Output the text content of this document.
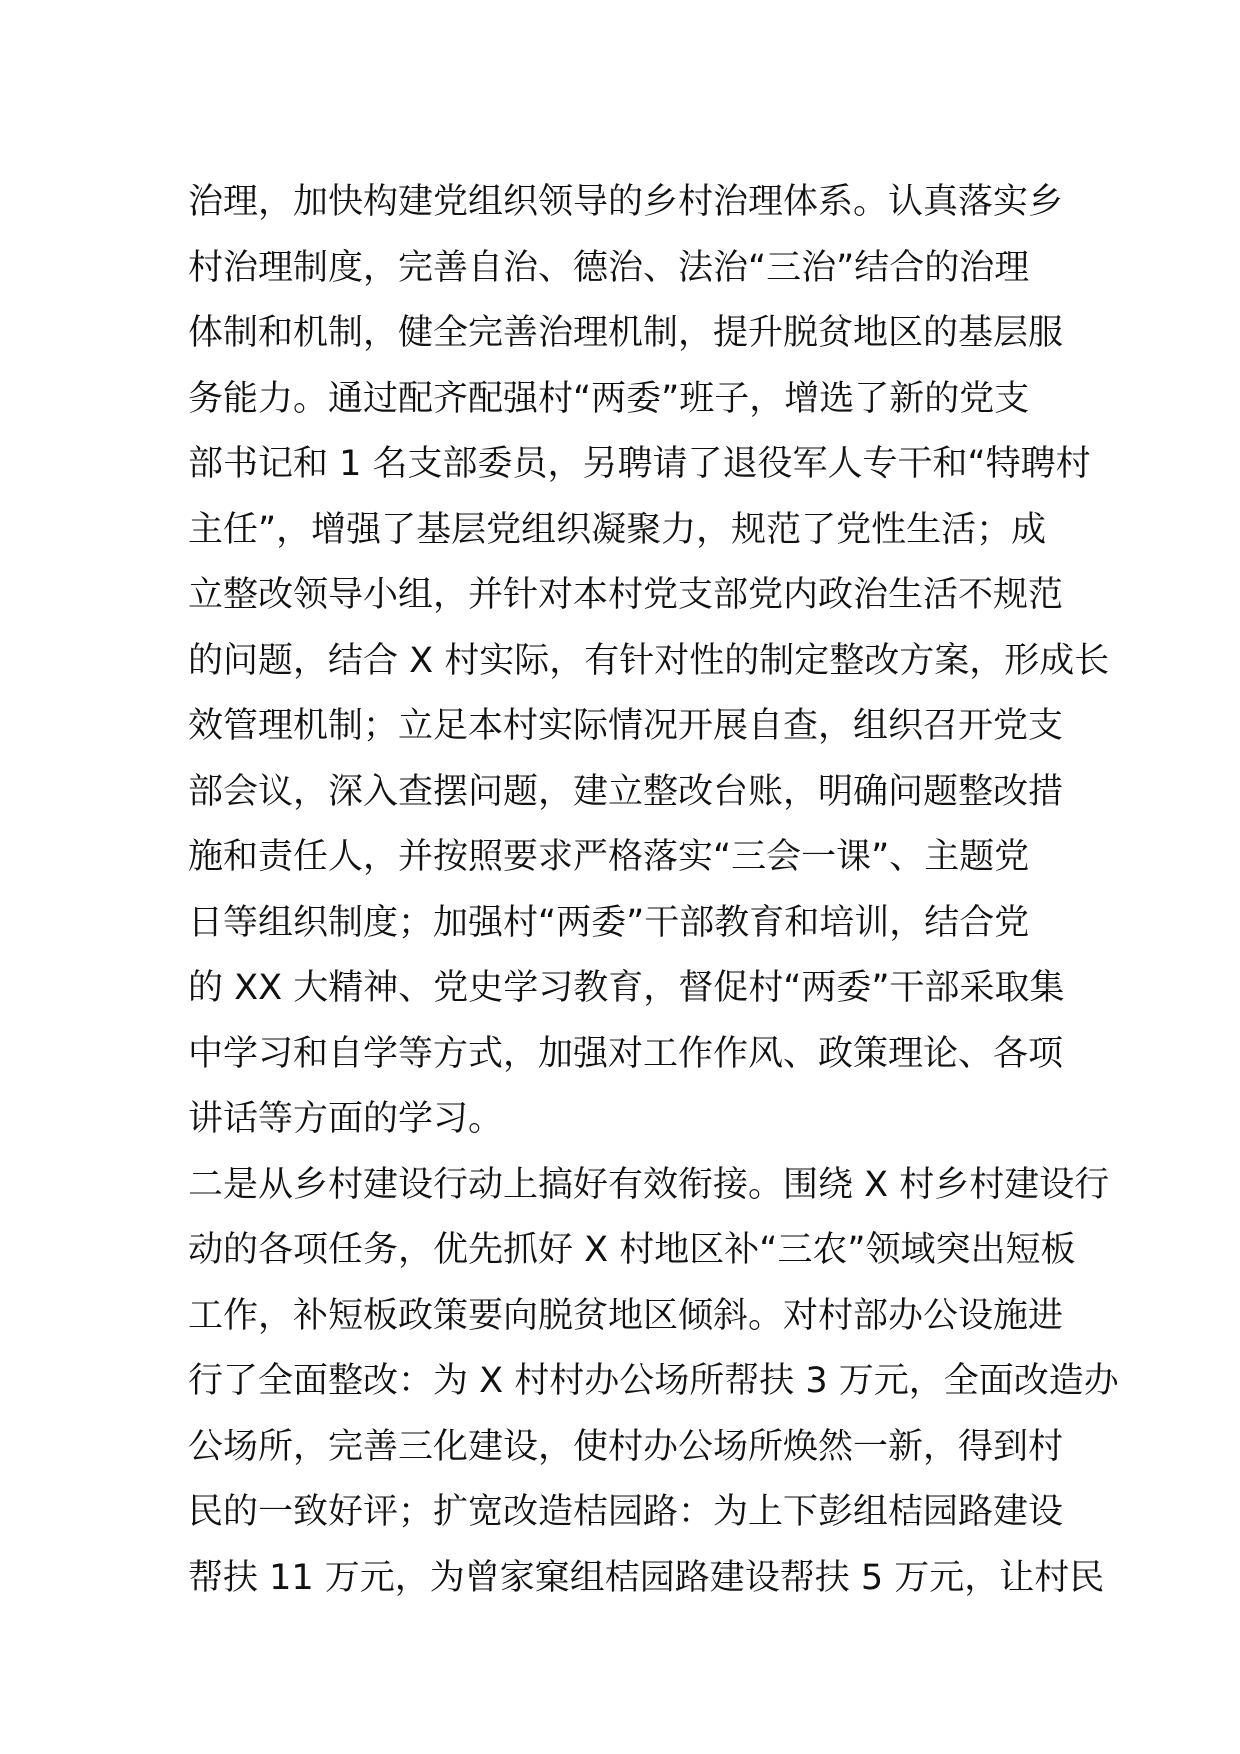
治理，加快构建党组织领导的乡村治理体系。认真落实乡
村治理制度，完善自治、德治、法治“三治”结合的治理
体制和机制，健全完善治理机制，提升脱贫地区的基层服
务能力。通过配齐配强村“两委”班子，增选了新的党支
部书记和 1 名支部委员，另聘请了退役军人专干和“特聘村
主任”，增强了基层党组织凝聚力，规范了党性生活；成
立整改领导小组，并针对本村党支部党内政治生活不规范
的问题，结合 X 村实际，有针对性的制定整改方案，形成长
效管理机制；立足本村实际情况开展自查，组织召开党支
部会议，深入查摆问题，建立整改台账，明确问题整改措
施和责任人，并按照要求严格落实“三会一课”、主题党
日等组织制度；加强村“两委”干部教育和培训，结合党
的 XX 大精神、党史学习教育，督促村“两委”干部采取集
中学习和自学等方式，加强对工作作风、政策理论、各项
讲话等方面的学习。
二是从乡村建设行动上搞好有效衔接。围绕 X 村乡村建设行
动的各项任务，优先抓好 X 村地区补“三农”领域突出短板
工作，补短板政策要向脱贫地区倾斜。对村部办公设施进
行了全面整改：为 X 村村办公场所帮扶 3 万元，全面改造办
公场所，完善三化建设，使村办公场所焕然一新，得到村
民的一致好评；扩宽改造桔园路：为上下彭组桔园路建设
帮扶 11 万元，为曾家窠组桔园路建设帮扶 5 万元，让村民
